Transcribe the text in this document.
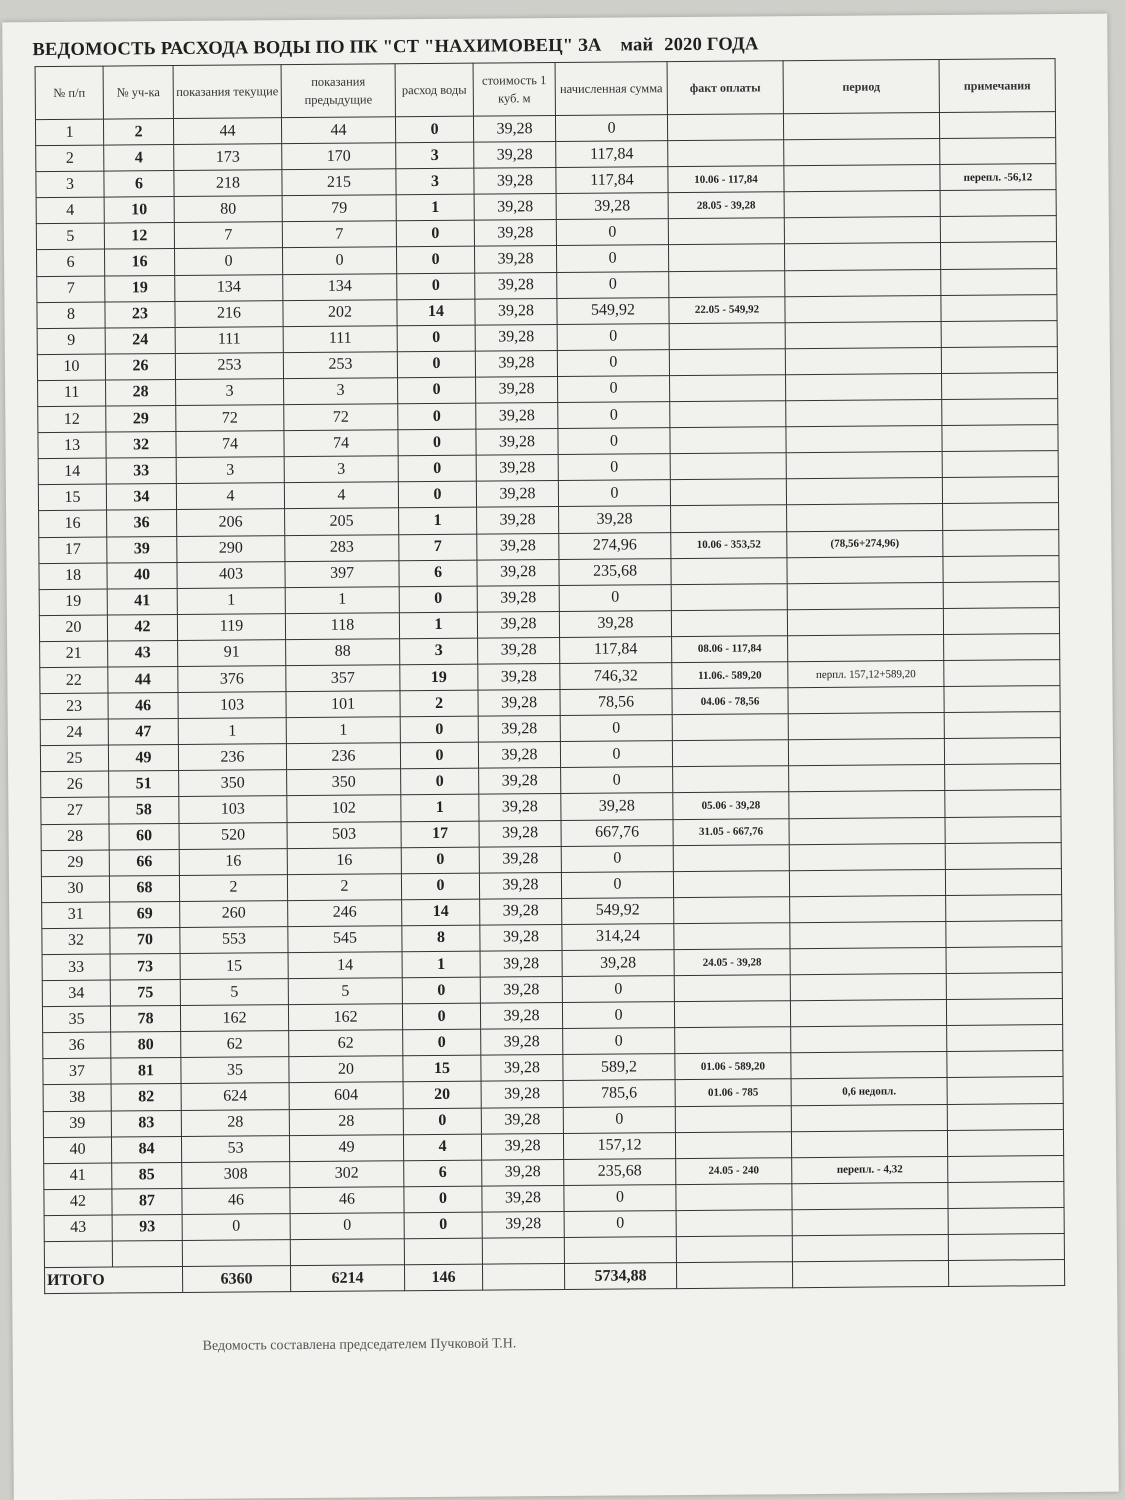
ВЕДОМОСТЬ РАСХОДА ВОДЫ ПО ПК "СТ "НАХИМОВЕЦ" ЗА май 2020 ГОДА
№ п/п	№ уч-ка	показания текущие	показания предыдущие	расход воды	стоимость 1 куб. м	начисленная сумма	факт оплаты	период	примечания
1	2	44	44	0	39,28	0			
2	4	173	170	3	39,28	117,84			
3	6	218	215	3	39,28	117,84	10.06 - 117,84		перепл. -56,12
4	10	80	79	1	39,28	39,28	28.05 - 39,28		
5	12	7	7	0	39,28	0			
6	16	0	0	0	39,28	0			
7	19	134	134	0	39,28	0			
8	23	216	202	14	39,28	549,92	22.05 - 549,92		
9	24	111	111	0	39,28	0			
10	26	253	253	0	39,28	0			
11	28	3	3	0	39,28	0			
12	29	72	72	0	39,28	0			
13	32	74	74	0	39,28	0			
14	33	3	3	0	39,28	0			
15	34	4	4	0	39,28	0			
16	36	206	205	1	39,28	39,28			
17	39	290	283	7	39,28	274,96	10.06 - 353,52	(78,56+274,96)	
18	40	403	397	6	39,28	235,68			
19	41	1	1	0	39,28	0			
20	42	119	118	1	39,28	39,28			
21	43	91	88	3	39,28	117,84	08.06 - 117,84		
22	44	376	357	19	39,28	746,32	11.06.- 589,20	перпл. 157,12+589,20	
23	46	103	101	2	39,28	78,56	04.06 - 78,56		
24	47	1	1	0	39,28	0			
25	49	236	236	0	39,28	0			
26	51	350	350	0	39,28	0			
27	58	103	102	1	39,28	39,28	05.06 - 39,28		
28	60	520	503	17	39,28	667,76	31.05 - 667,76		
29	66	16	16	0	39,28	0			
30	68	2	2	0	39,28	0			
31	69	260	246	14	39,28	549,92			
32	70	553	545	8	39,28	314,24			
33	73	15	14	1	39,28	39,28	24.05 - 39,28		
34	75	5	5	0	39,28	0			
35	78	162	162	0	39,28	0			
36	80	62	62	0	39,28	0			
37	81	35	20	15	39,28	589,2	01.06 - 589,20		
38	82	624	604	20	39,28	785,6	01.06 - 785	0,6 недопл.	
39	83	28	28	0	39,28	0			
40	84	53	49	4	39,28	157,12			
41	85	308	302	6	39,28	235,68	24.05 - 240	перепл. - 4,32	
42	87	46	46	0	39,28	0			
43	93	0	0	0	39,28	0			

ИТОГО		6360	6214	146		5734,88			
Ведомость составлена председателем Пучковой Т.Н.
